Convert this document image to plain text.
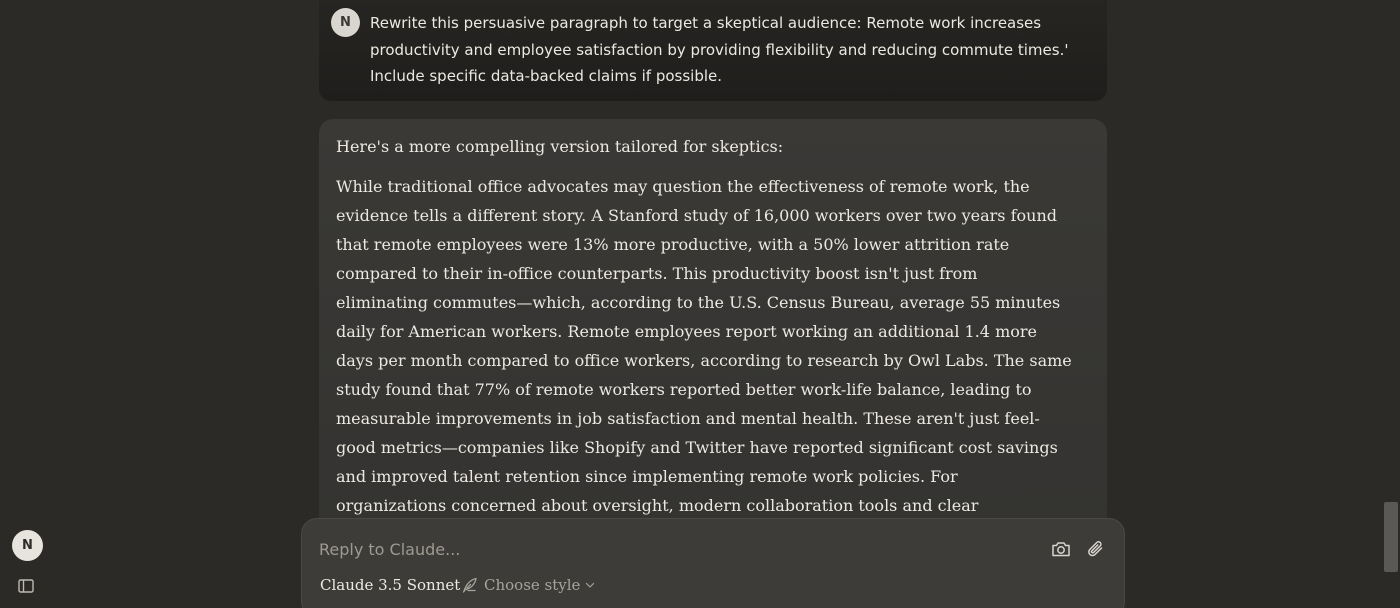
N	Rewrite this persuasive paragraph to target a skeptical audience: Remote work increases
productivity and employee satisfaction by providing flexibility and reducing commute times.'
Include specific data-backed claims if possible.
Here's a more compelling version tailored for skeptics:
While traditional office advocates may question the effectiveness of remote work, the
evidence tells a different story. A Stanford study of 16,000 workers over two years found
that remote employees were 13% more productive, with a 50% lower attrition rate
compared to their in-office counterparts. This productivity boost isn't just from
eliminating commutes—which, according to the U.S. Census Bureau, average 55 minutes
daily for American workers. Remote employees report working an additional 1.4 more
days per month compared to office workers, according to research by Owl Labs. The same
study found that 77% of remote workers reported better work-life balance, leading to
measurable improvements in job satisfaction and mental health. These aren't just feel-
good metrics—companies like Shopify and Twitter have reported significant cost savings
and improved talent retention since implementing remote work policies. For
organizations concerned about oversight, modern collaboration tools and clear
Reply to Claude...
Claude 3.5 Sonnet Choose style
N
